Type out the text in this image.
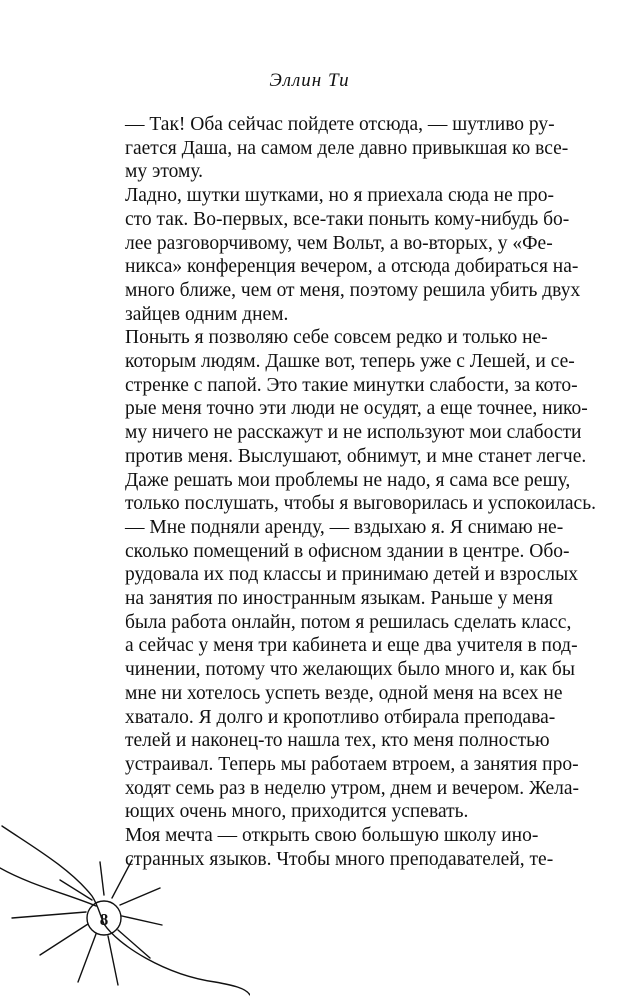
Эллин Ти

— Так! Оба сейчас пойдете отсюда, — шутливо ру-
гается Даша, на самом деле давно привыкшая ко все-
му этому.

Ладно, шутки шутками, но я приехала сюда не про-
сто так. Во-первых, все-таки поныть кому-нибудь бо-
лее разговорчивому, чем Вольт, а во-вторых, у «Фе-
никса» конференция вечером, а отсюда добираться на-
много ближе, чем от меня, поэтому решила убить двух
зайцев одним днем.

Поныть я позволяю себе совсем редко и только не-
которым людям. Дашке вот, теперь уже с Лешей, и се-
стренке с папой. Это такие минутки слабости, за кото-
рые меня точно эти люди не осудят, а еще точнее, нико-
му ничего не расскажут и не используют мои слабости
против меня. Выслушают, обнимут, и мне станет легче.
Даже решать мои проблемы не надо, я сама все решу,
только послушать, чтобы я выговорилась и успокоилась.

— Мне подняли аренду, — вздыхаю я. Я снимаю не-
сколько помещений в офисном здании в центре. Обо-
рудовала их под классы и принимаю детей и взрослых
на занятия по иностранным языкам. Раньше у меня
была работа онлайн, потом я решилась сделать класс,
а сейчас у меня три кабинета и еще два учителя в под-
чинении, потому что желающих было много и, как бы
мне ни хотелось успеть везде, одной меня на всех не
хватало. Я долго и кропотливо отбирала преподава-
телей и наконец-то нашла тех, кто меня полностью
устраивал. Теперь мы работаем втроем, а занятия про-
ходят семь раз в неделю утром, днем и вечером. Жела-
ющих очень много, приходится успевать.

Моя мечта — открыть свою большую школу ино-
странных языков. Чтобы много преподавателей, те-

8
